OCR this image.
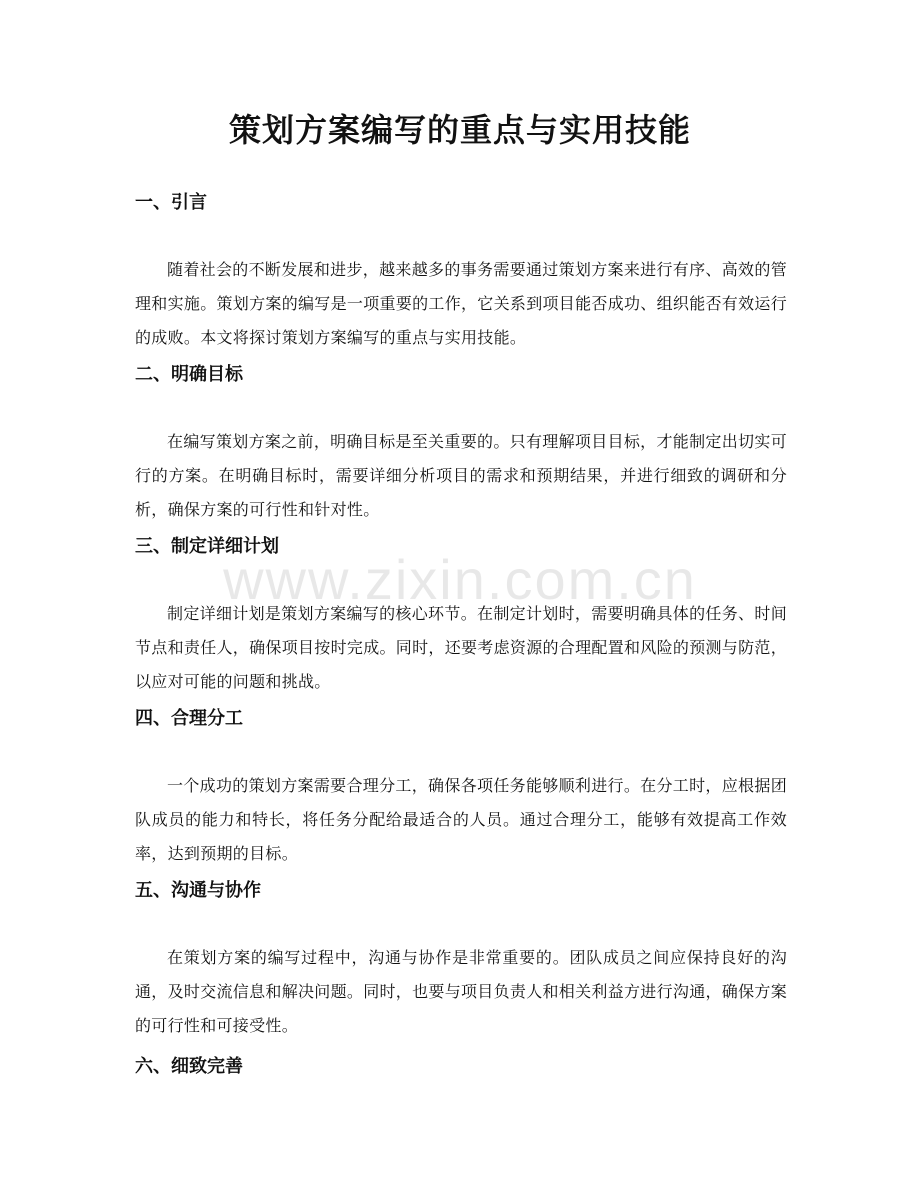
策划方案编写的重点与实用技能
一、引言

随着社会的不断发展和进步，越来越多的事务需要通过策划方案来进行有序、高效的管理和实施。策划方案的编写是一项重要的工作，它关系到项目能否成功、组织能否有效运行的成败。本文将探讨策划方案编写的重点与实用技能。

二、明确目标

在编写策划方案之前，明确目标是至关重要的。只有理解项目目标，才能制定出切实可行的方案。在明确目标时，需要详细分析项目的需求和预期结果，并进行细致的调研和分析，确保方案的可行性和针对性。

三、制定详细计划

制定详细计划是策划方案编写的核心环节。在制定计划时，需要明确具体的任务、时间节点和责任人，确保项目按时完成。同时，还要考虑资源的合理配置和风险的预测与防范，以应对可能的问题和挑战。

四、合理分工

一个成功的策划方案需要合理分工，确保各项任务能够顺利进行。在分工时，应根据团队成员的能力和特长，将任务分配给最适合的人员。通过合理分工，能够有效提高工作效率，达到预期的目标。

五、沟通与协作

在策划方案的编写过程中，沟通与协作是非常重要的。团队成员之间应保持良好的沟通，及时交流信息和解决问题。同时，也要与项目负责人和相关利益方进行沟通，确保方案的可行性和可接受性。

六、细致完善
www.zixin.com.cn
